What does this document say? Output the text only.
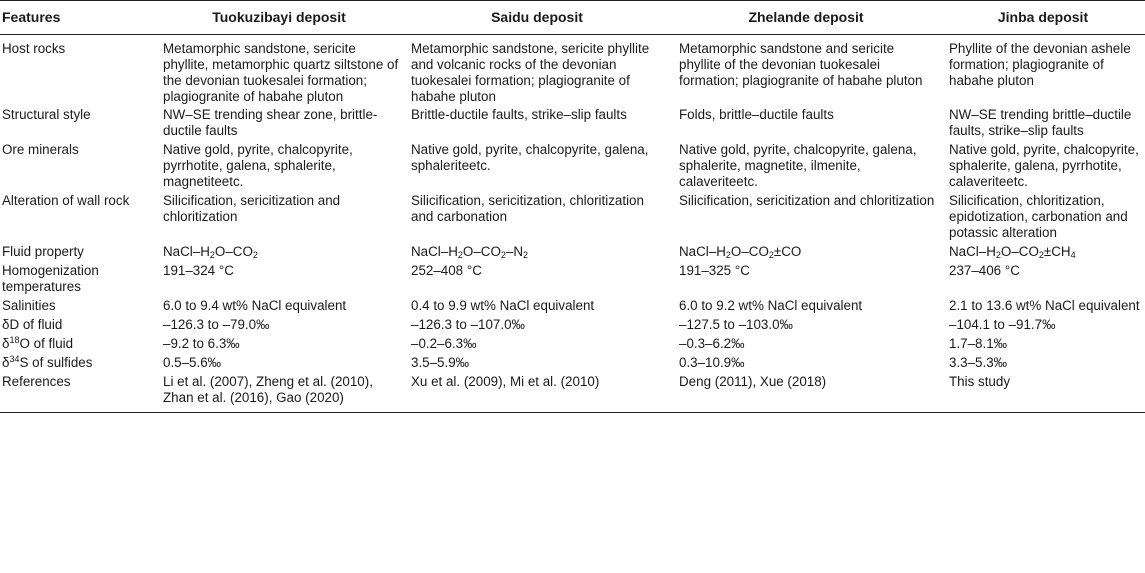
Features	Tuokuzibayi deposit	Saidu deposit	Zhelande deposit	Jinba deposit
Host rocks	Metamorphic sandstone, sericite phyllite, metamorphic quartz siltstone of the devonian tuokesalei formation; plagiogranite of habahe pluton	Metamorphic sandstone, sericite phyllite and volcanic rocks of the devonian tuokesalei formation; plagiogranite of habahe pluton	Metamorphic sandstone and sericite phyllite of the devonian tuokesalei formation; plagiogranite of habahe pluton	Phyllite of the devonian ashele formation; plagiogranite of habahe pluton
Structural style	NW–SE trending shear zone, brittle-ductile faults	Brittle-ductile faults, strike–slip faults	Folds, brittle–ductile faults	NW–SE trending brittle–ductile faults, strike–slip faults
Ore minerals	Native gold, pyrite, chalcopyrite, pyrrhotite, galena, sphalerite, magnetiteetc.	Native gold, pyrite, chalcopyrite, galena, sphaleriteetc.	Native gold, pyrite, chalcopyrite, galena, sphalerite, magnetite, ilmenite, calaveriteetc.	Native gold, pyrite, chalcopyrite, sphalerite, galena, pyrrhotite, calaveriteetc.
Alteration of wall rock	Silicification, sericitization and chloritization	Silicification, sericitization, chloritization and carbonation	Silicification, sericitization and chloritization	Silicification, chloritization, epidotization, carbonation and potassic alteration
Fluid property	NaCl–$H_2O-CO_2$	NaCl–$H_2O-CO_2-N_2$	NaCl–$H_2O-CO_2\pm CO$	NaCl–$H_2O-CO_2\pm CH_4$
Homogenization temperatures	191–324 °C	252–408 °C	191–325 °C	237–406 °C
Salinities	6.0 to 9.4 wt% NaCl equivalent	0.4 to 9.9 wt% NaCl equivalent	6.0 to 9.2 wt% NaCl equivalent	2.1 to 13.6 wt% NaCl equivalent
δD of fluid	–126.3 to –79.0‰	–126.3 to –107.0‰	–127.5 to –103.0‰	–104.1 to –91.7‰
$\delta^{18}O$ of fluid	–9.2 to 6.3‰	–0.2–6.3‰	–0.3–6.2‰	1.7–8.1‰
$\delta^{34}S$ of sulfides	0.5–5.6‰	3.5–5.9‰	0.3–10.9‰	3.3–5.3‰
References	Li et al. (2007), Zheng et al. (2010), Zhan et al. (2016), Gao (2020)	Xu et al. (2009), Mi et al. (2010)	Deng (2011), Xue (2018)	This study
